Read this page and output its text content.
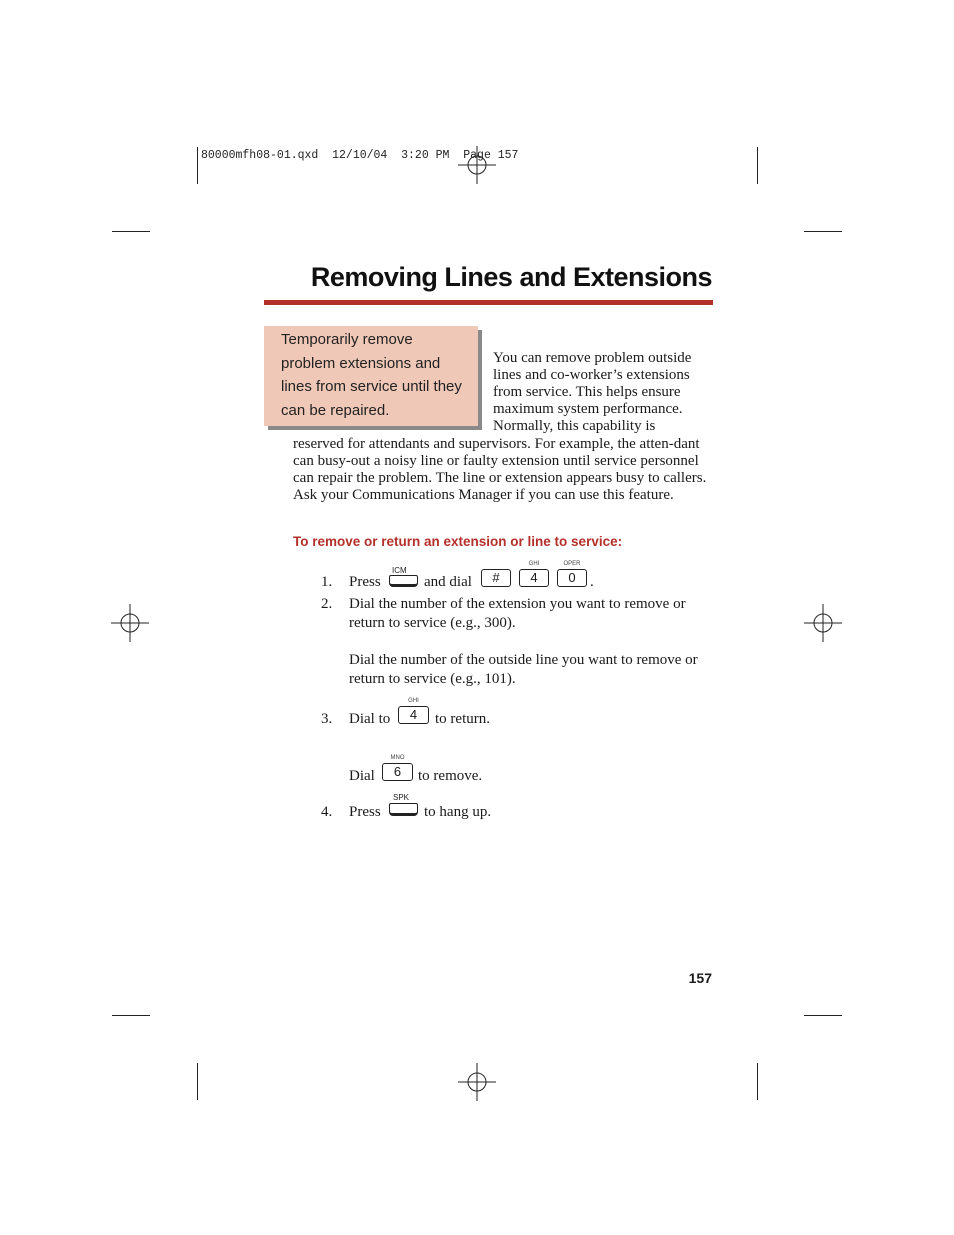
80000mfh08-01.qxd  12/10/04  3:20 PM  Page 157
Removing Lines and Extensions
Temporarily remove problem extensions and lines from service until they can be repaired.
You can remove problem outside lines and co-worker’s extensions from service. This helps ensure maximum system performance. Normally, this capability is
reserved for attendants and supervisors. For example, the atten-dant can busy-out a noisy line or faulty extension until service personnel can repair the problem. The line or extension appears busy to callers. Ask your Communications Manager if you can use this feature.
To remove or return an extension or line to service:
1. Press
ICM
and dial	#
GHI
4
OPER
0 .
2. Dial the number of the extension you want to remove or return to service (e.g., 300).
Dial the number of the outside line you want to remove or return to service (e.g., 101).
3. Dial to
GHI
4	to return.
Dial
MNO
6	to remove.
4. Press
SPK
to hang up.
157
